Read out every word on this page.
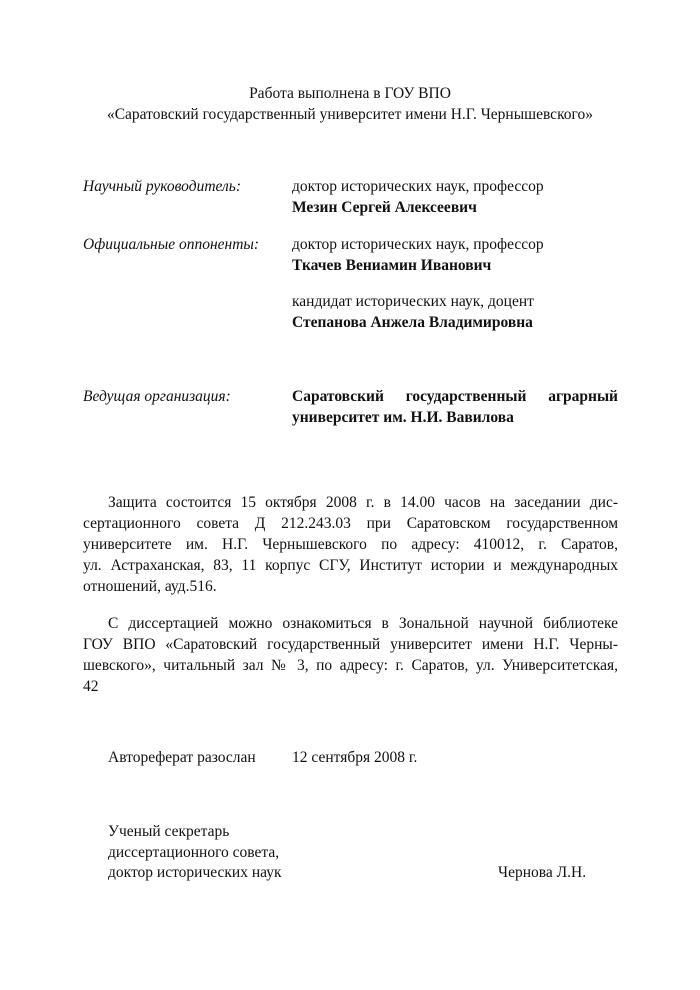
Работа выполнена в ГОУ ВПО
«Саратовский государственный университет имени Н.Г. Чернышевского»
Научный руководитель:	доктор исторических наук, профессор
Мезин Сергей Алексеевич
Официальные оппоненты: доктор исторических наук, профессор
Ткачев Вениамин Иванович
кандидат исторических наук, доцент
Степанова Анжела Владимировна
Ведущая организация:	Саратовский государственный аграрный
университет им. Н.И. Вавилова
Защита состоится 15 октября 2008 г. в 14.00 часов на заседании дис-
сертационного совета Д 212.243.03 при Саратовском государственном
университете им. Н.Г. Чернышевского по адресу: 410012, г. Саратов,
ул. Астраханская, 83, 11 корпус СГУ, Институт истории и международных
отношений, ауд.516.
С диссертацией можно ознакомиться в Зональной научной библиотеке
ГОУ ВПО «Саратовский государственный университет имени Н.Г. Черны-
шевского», читальный зал № 3, по адресу: г. Саратов, ул. Университетская,
42
Автореферат разослан 12 сентября 2008 г.
Ученый секретарь
диссертационного совета,
доктор исторических наук	Чернова Л.Н.
